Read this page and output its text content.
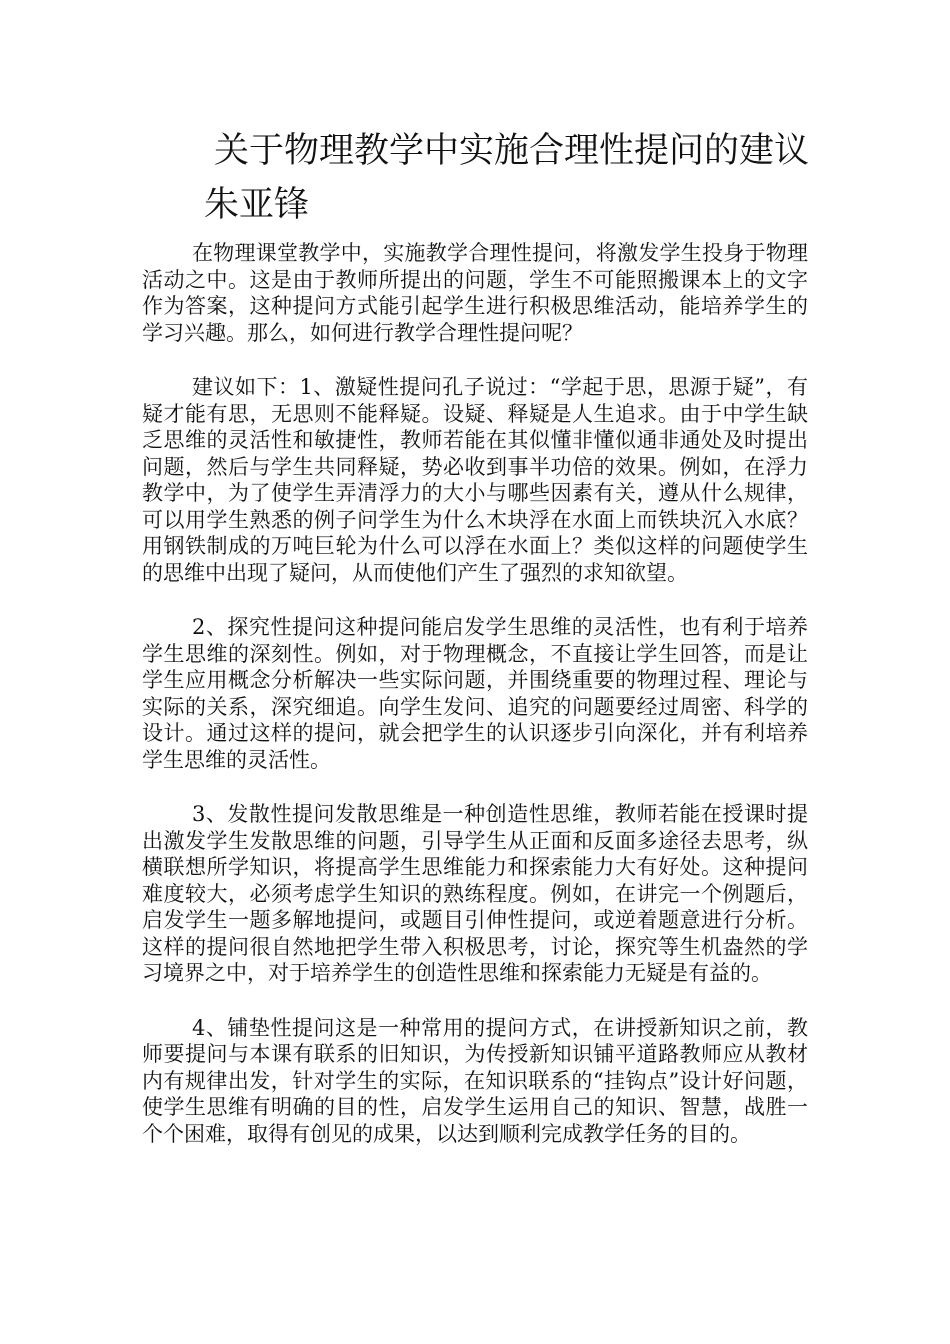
关于物理教学中实施合理性提问的建议朱亚锋

在物理课堂教学中，实施教学合理性提问，将激发学生投身于物理活动之中。这是由于教师所提出的问题，学生不可能照搬课本上的文字作为答案，这种提问方式能引起学生进行积极思维活动，能培养学生的学习兴趣。那么，如何进行教学合理性提问呢？

建议如下：1、激疑性提问孔子说过：“学起于思，思源于疑”，有疑才能有思，无思则不能释疑。设疑、释疑是人生追求。由于中学生缺乏思维的灵活性和敏捷性，教师若能在其似懂非懂似通非通处及时提出问题，然后与学生共同释疑，势必收到事半功倍的效果。例如，在浮力教学中，为了使学生弄清浮力的大小与哪些因素有关，遵从什么规律，可以用学生熟悉的例子问学生为什么木块浮在水面上而铁块沉入水底？用钢铁制成的万吨巨轮为什么可以浮在水面上？类似这样的问题使学生的思维中出现了疑问，从而使他们产生了强烈的求知欲望。

2、探究性提问这种提问能启发学生思维的灵活性，也有利于培养学生思维的深刻性。例如，对于物理概念，不直接让学生回答，而是让学生应用概念分析解决一些实际问题，并围绕重要的物理过程、理论与实际的关系，深究细追。向学生发问、追究的问题要经过周密、科学的设计。通过这样的提问，就会把学生的认识逐步引向深化，并有利培养学生思维的灵活性。

3、发散性提问发散思维是一种创造性思维，教师若能在授课时提出激发学生发散思维的问题，引导学生从正面和反面多途径去思考，纵横联想所学知识，将提高学生思维能力和探索能力大有好处。这种提问难度较大，必须考虑学生知识的熟练程度。例如，在讲完一个例题后，启发学生一题多解地提问，或题目引伸性提问，或逆着题意进行分析。这样的提问很自然地把学生带入积极思考，讨论，探究等生机盎然的学习境界之中，对于培养学生的创造性思维和探索能力无疑是有益的。

4、铺垫性提问这是一种常用的提问方式，在讲授新知识之前，教师要提问与本课有联系的旧知识，为传授新知识铺平道路教师应从教材内有规律出发，针对学生的实际，在知识联系的“挂钩点”设计好问题，使学生思维有明确的目的性，启发学生运用自己的知识、智慧，战胜一个个困难，取得有创见的成果，以达到顺利完成教学任务的目的。
